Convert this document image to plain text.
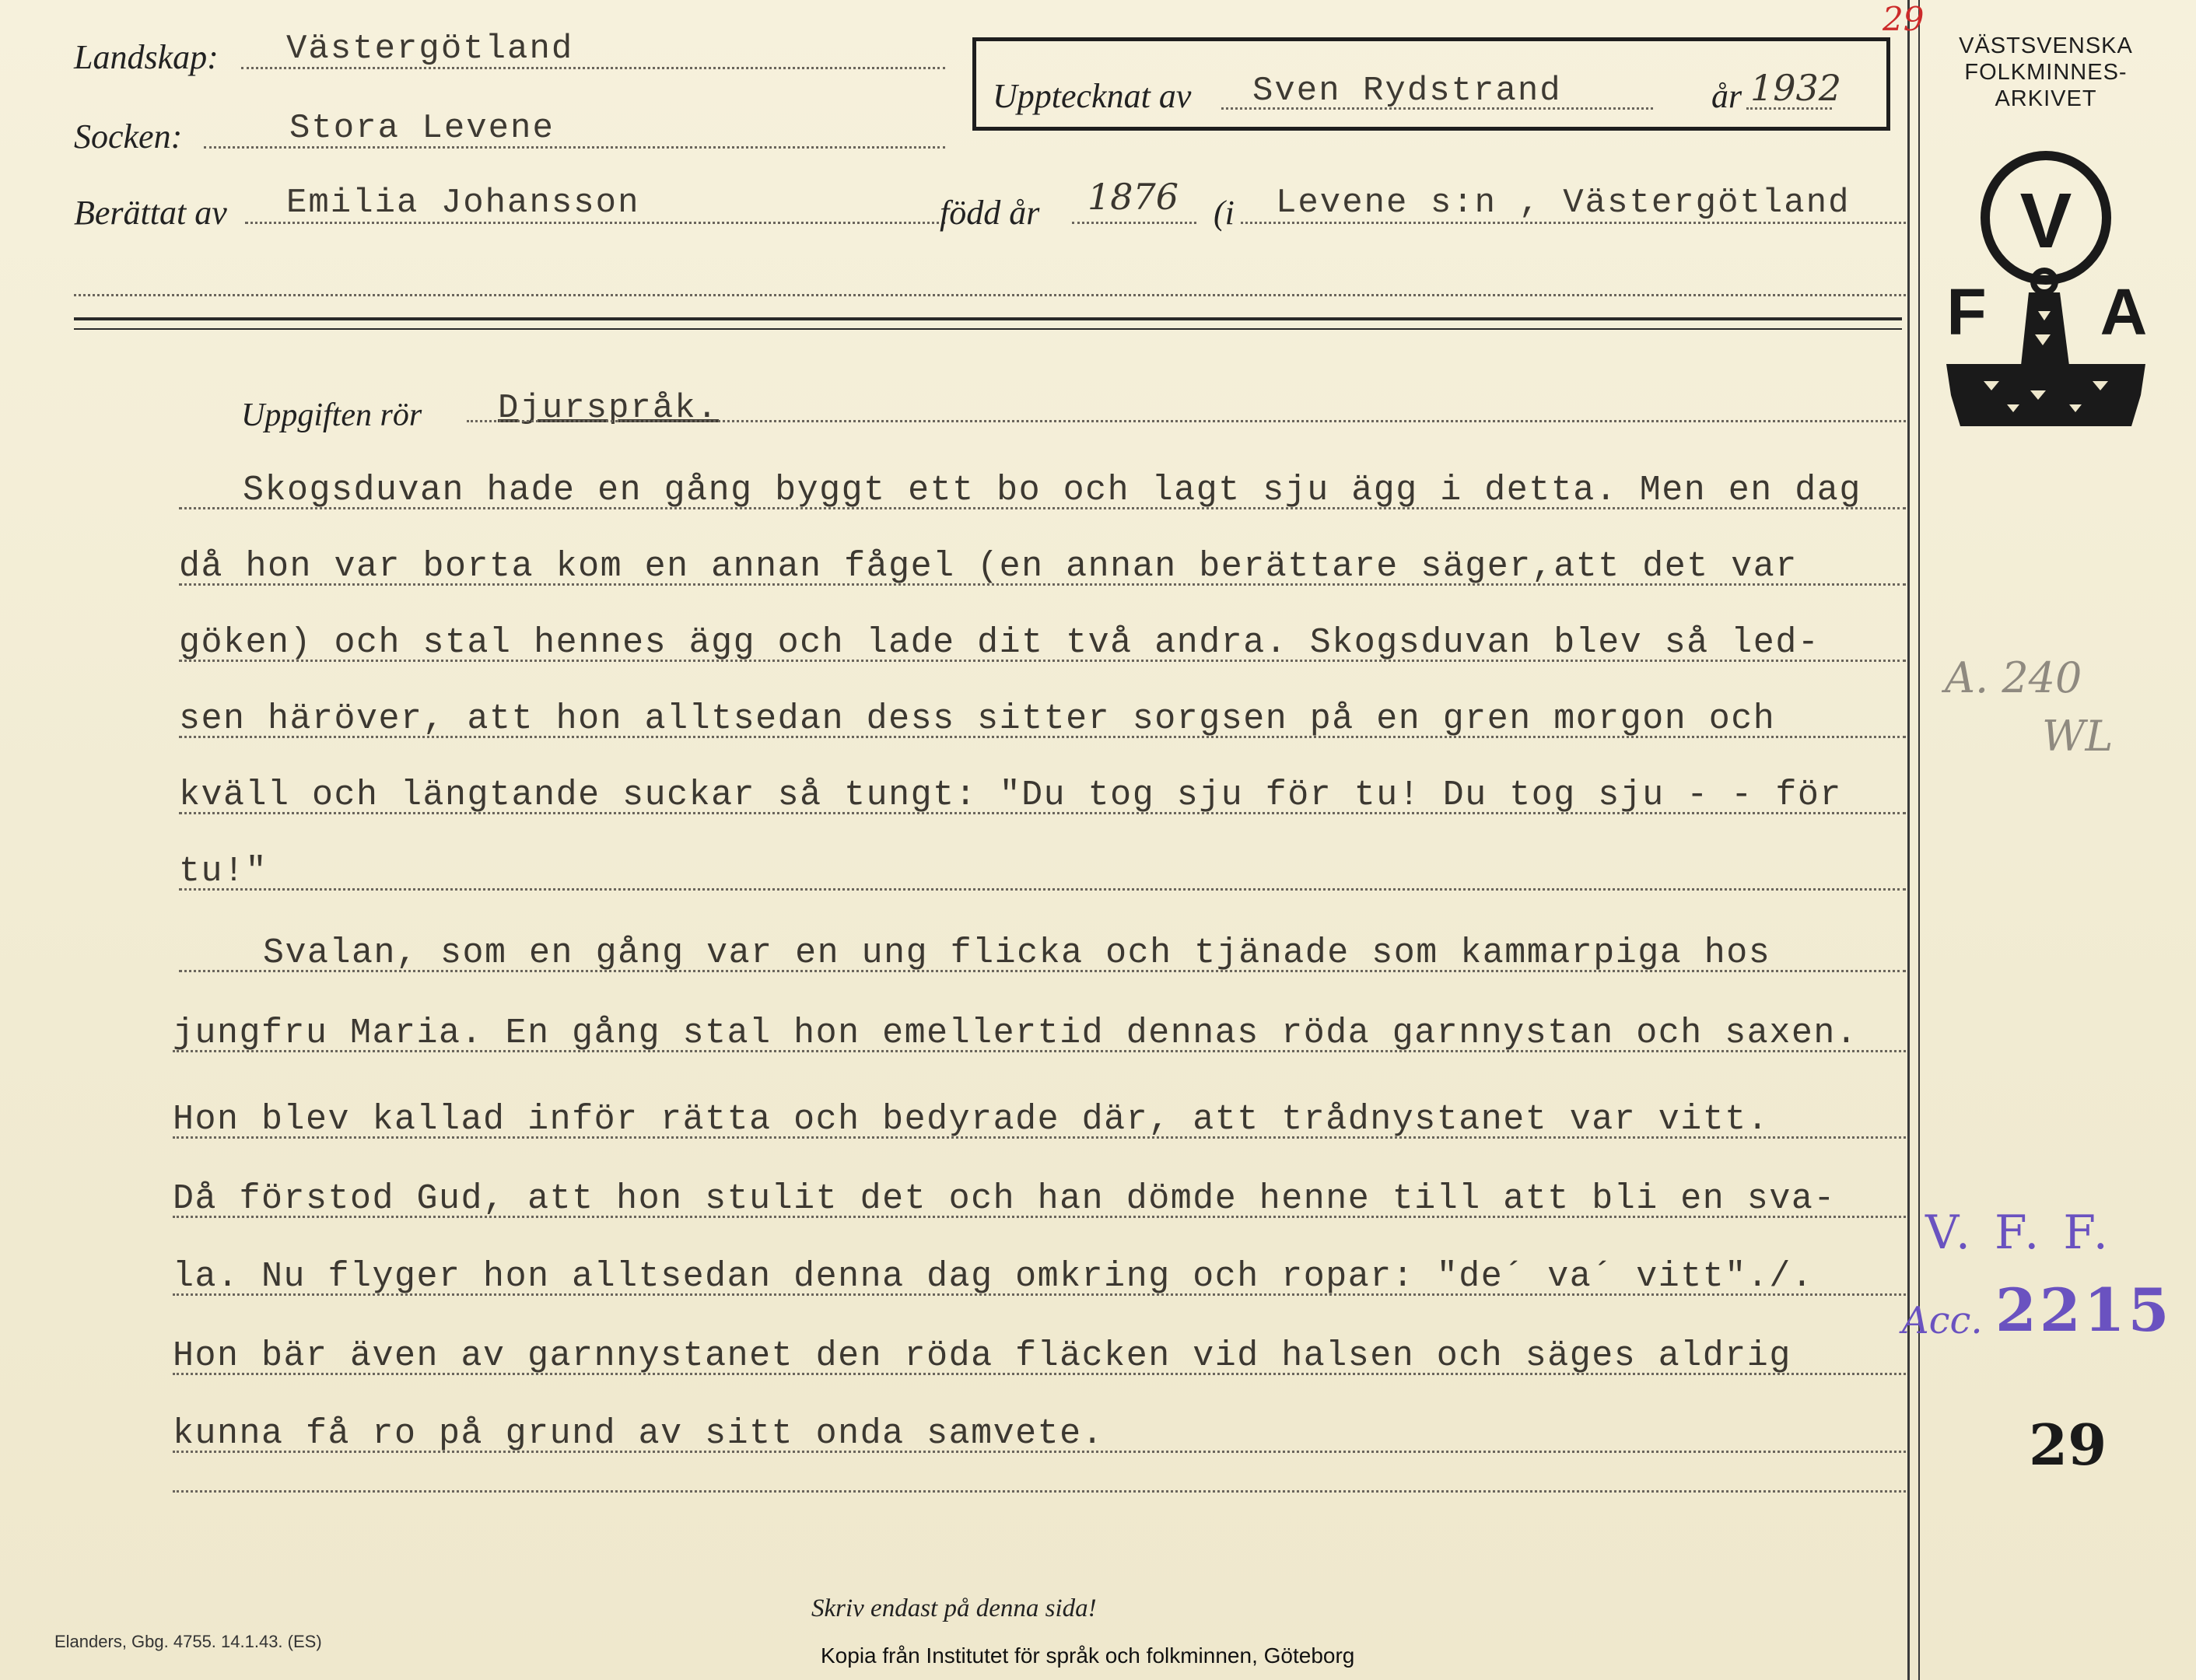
Landskap: Västergötland
Socken:	Stora Levene
Berättat av Emilia Johansson	född år 1876 (i Levene s:n , Västergötland
Upptecknat av Sven Rydstrand	år 1932
VÄSTSVENSKA
FOLKMINNES-
ARKIVET
V
F A
29
Uppgiften rör Djurspråk.
Skogsduvan hade en gång byggt ett bo och lagt sju ägg i detta. Men en dag
då hon var borta kom en annan fågel (en annan berättare säger,att det var
göken) och stal hennes ägg och lade dit två andra. Skogsduvan blev så led-
sen häröver, att hon alltsedan dess sitter sorgsen på en gren morgon och
kväll och längtande suckar så tungt: "Du tog sju för tu! Du tog sju - - för
tu!"
Svalan, som en gång var en ung flicka och tjänade som kammarpiga hos
jungfru Maria. En gång stal hon emellertid dennas röda garnnystan och saxen.
Hon blev kallad inför rätta och bedyrade där, att trådnystanet var vitt.
Då förstod Gud, att hon stulit det och han dömde henne till att bli en sva-
la. Nu flyger hon alltsedan denna dag omkring och ropar: "de´ va´ vitt"./.
Hon bär även av garnnystanet den röda fläcken vid halsen och säges aldrig
kunna få ro på grund av sitt onda samvete.
A. 240
WL
V. F. F.
Acc. 2215
29
Skriv endast på denna sida!
Elanders, Gbg. 4755. 14.1.43. (ES)
Kopia från Institutet för språk och folkminnen, Göteborg
